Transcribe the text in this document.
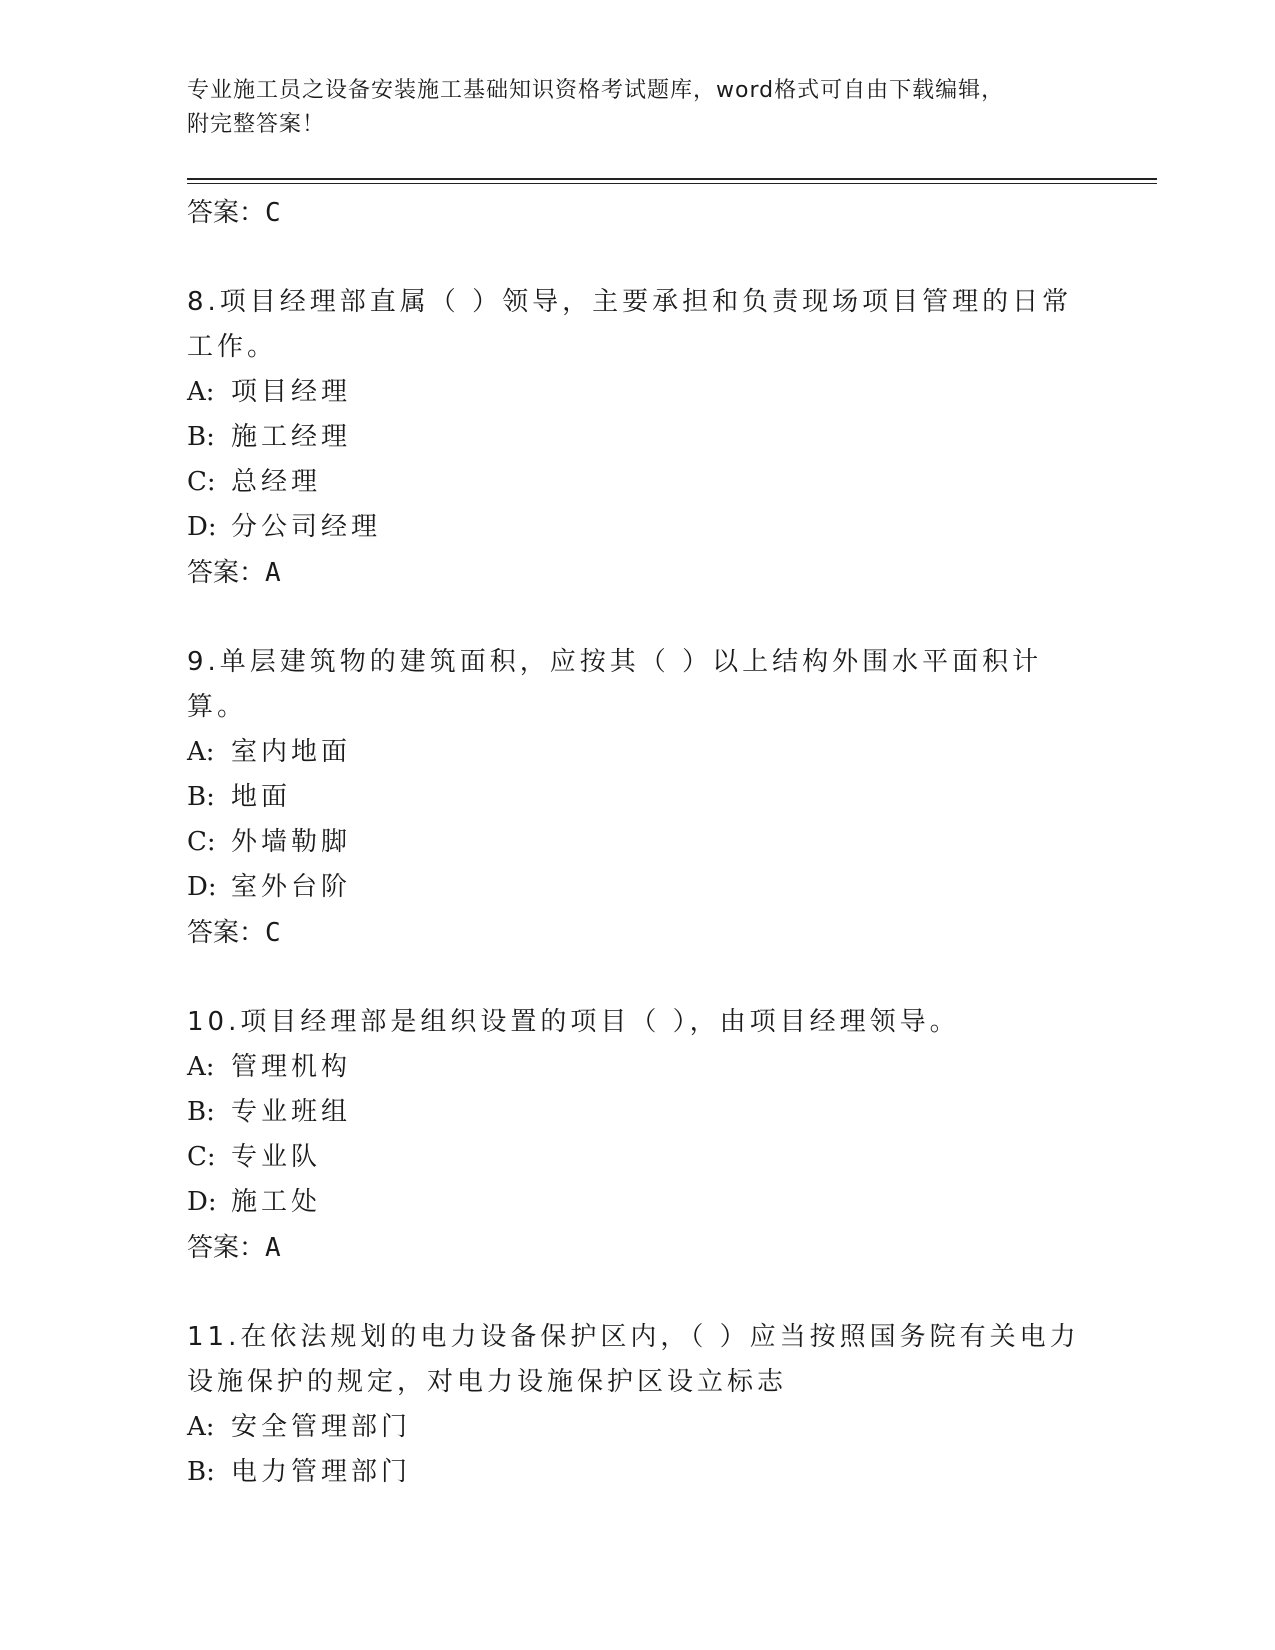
专业施工员之设备安装施工基础知识资格考试题库，word格式可自由下载编辑，
附完整答案！
答案：C
8.项目经理部直属（ ）领导，主要承担和负责现场项目管理的日常工作。
A: 项目经理
B: 施工经理
C: 总经理
D: 分公司经理
答案：A
9.单层建筑物的建筑面积，应按其（ ）以上结构外围水平面积计算。
A: 室内地面
B: 地面
C: 外墙勒脚
D: 室外台阶
答案：C
10.项目经理部是组织设置的项目（ ），由项目经理领导。
A: 管理机构
B: 专业班组
C: 专业队
D: 施工处
答案：A
11.在依法规划的电力设备保护区内，（ ）应当按照国务院有关电力设施保护的规定，对电力设施保护区设立标志
A: 安全管理部门
B: 电力管理部门
